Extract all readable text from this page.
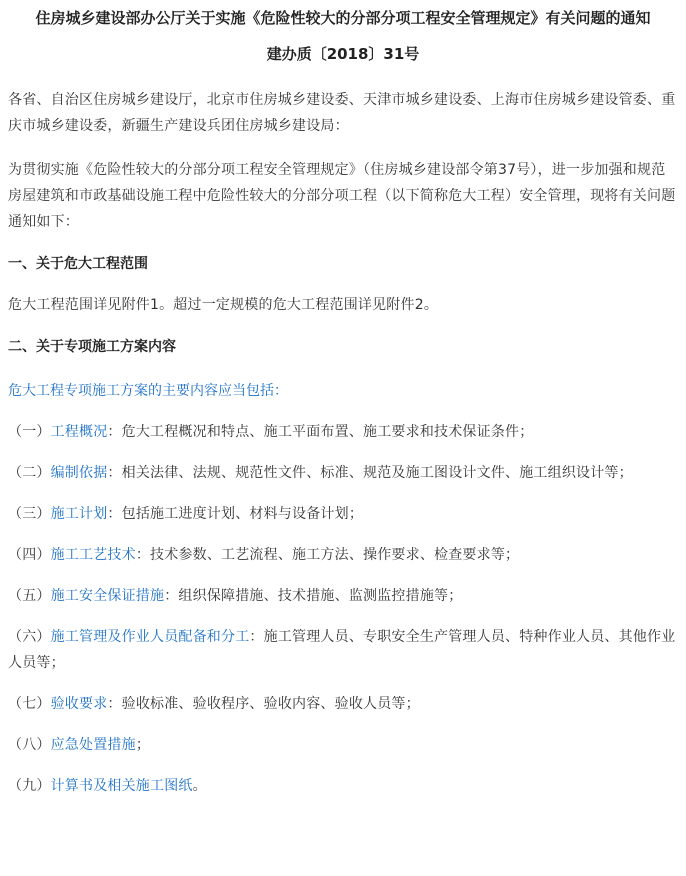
住房城乡建设部办公厅关于实施《危险性较大的分部分项工程安全管理规定》有关问题的通知
建办质〔2018〕31号
各省、自治区住房城乡建设厅，北京市住房城乡建设委、天津市城乡建设委、上海市住房城乡建设管委、重庆市城乡建设委，新疆生产建设兵团住房城乡建设局：
为贯彻实施《危险性较大的分部分项工程安全管理规定》（住房城乡建设部令第37号），进一步加强和规范房屋建筑和市政基础设施工程中危险性较大的分部分项工程（以下简称危大工程）安全管理，现将有关问题通知如下：
一、关于危大工程范围
危大工程范围详见附件1。超过一定规模的危大工程范围详见附件2。
二、关于专项施工方案内容
危大工程专项施工方案的主要内容应当包括：
（一）工程概况：危大工程概况和特点、施工平面布置、施工要求和技术保证条件；
（二）编制依据：相关法律、法规、规范性文件、标准、规范及施工图设计文件、施工组织设计等；
（三）施工计划：包括施工进度计划、材料与设备计划；
（四）施工工艺技术：技术参数、工艺流程、施工方法、操作要求、检查要求等；
（五）施工安全保证措施：组织保障措施、技术措施、监测监控措施等；
（六）施工管理及作业人员配备和分工：施工管理人员、专职安全生产管理人员、特种作业人员、其他作业人员等；
（七）验收要求：验收标准、验收程序、验收内容、验收人员等；
（八）应急处置措施；
（九）计算书及相关施工图纸。
